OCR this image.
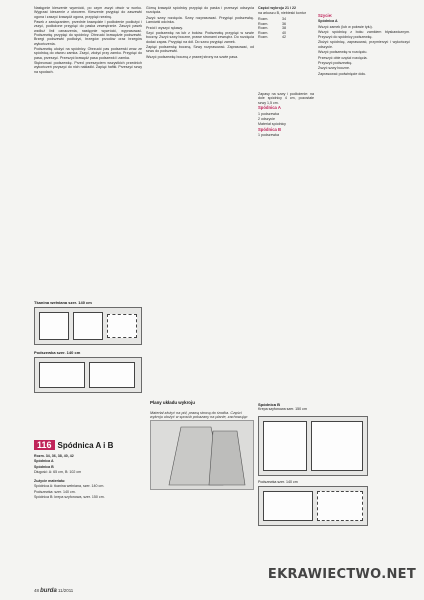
Następnie kieszenie wywrócić, po czym zszyć otwór w worku. Wygrzać kieszenie z otworem. Kieszenie przypiąć do zaszewki ogona i zaszyć krawędź ogona, przypiąć rzezinę.

Pasek z zawiązaniem, przednie krawędzie i podłożenie podłożyć i zszyć, podłożone przypiąć do paska zewnętrznie. Zaszyć pasek wzdłuż linii oznaczenia, następnie wywrócić, wyprasować. Podszewkę przypiąć do spódnicy. Obrzucić krawędzie podszewki. Brzegi podszewki podłożyć, brzegów przodów oraz brzegów wykończenia.

Podszewkę ułożyć na spódnicy. Obrzucić pas podszewki wraz ze spódnicą do otworu zamka. Zszyć, złożyć przy zamku. Przypiąć do pasa, przeszyć. Przeszyć krawędź pasa podszewki i zamka.

Stębnować podszewkę. Przed przeszyciem wszystkich przednich wykończeń przyszyć do nich nakładki. Zapiąć haftki. Przeszyć szwy na spodach.

Górną krawędź spódnicy przypiąć do paska i przeszyć odszycia rozcięcia.

Zszyć szwy rozcięcia. Szwy rozprasować. Przypiąć podszewkę. Lamówki odcinka.

Przód i wyszyć rękawy.

Szyć podszewkę na lub z boków. Podszewkę przypiąć w szwie boczny. Zszyć szwy boczne, prawe stronami zewnątrz. Do rozcięcia dodać zapas. Przypiąć na dół. Do szwu przypiąć zamek.

Zapiąć podszewkę boczną. Szwy rozprasować. Zaprasować, od szwu do podszewki.

Wszyć podszewkę boczną z prawej strony na szwie pasa.

Części wykroju 21 i 22

na arkuszu B, niebieski kontur

Rozm.	34
Rozm.	36
Rozm.	38
Rozm.	40
Rozm.	42

Zapasy na szwy i podłożenie: na dole spódnicy 4 cm, pozostałe szwy 1,5 cm.

Spódnica A

1 podszewka

2 odszycie

Materiał spódnicy

Spódnica B

1 podszewka

Szycie:

Spódnica A

Wszyć zamek (lub w połowie tyłu).

Wszyć spódnicę z boku zamkiem błyskawicznym. Przyszyć do spódnicy podszewkę.

Złożyć spódnicę, zaprasować, przymierzyć i wykończyć odszycie.

Wszyć podszewkę w rozcięciu.

Przeszyć obie części rozcięcia.

Przyszyć podszewkę.

Zszyć szwy boczne.

Zaprasować podwinięcie dołu.

Tkanina wełniana szer. 140 cm
Podszewka szer. 140 cm
Plany układu wykroju
Materiał złożyć na pół, prawą stroną do środka. Części wykroju ułożyć w sposób pokazany na planie, zachowując
116 Spódnica A i B

Rozm. 34, 36, 38, 40, 42

Spódnica A

Spódnica B

Długość: A: 65 cm, B: 102 cm

Zużycie materiału:

Spódnica A: tkanina wełniana, szer. 140 cm.

Podszewka: szer. 140 cm.

Spódnica B: krepa szyfonowa, szer. 150 cm.

Spódnica B
Krepa szyfonowa szer. 150 cm
Podszewka szer. 140 cm
48 burda 11/2011
EKRAWIECTWO.NET
